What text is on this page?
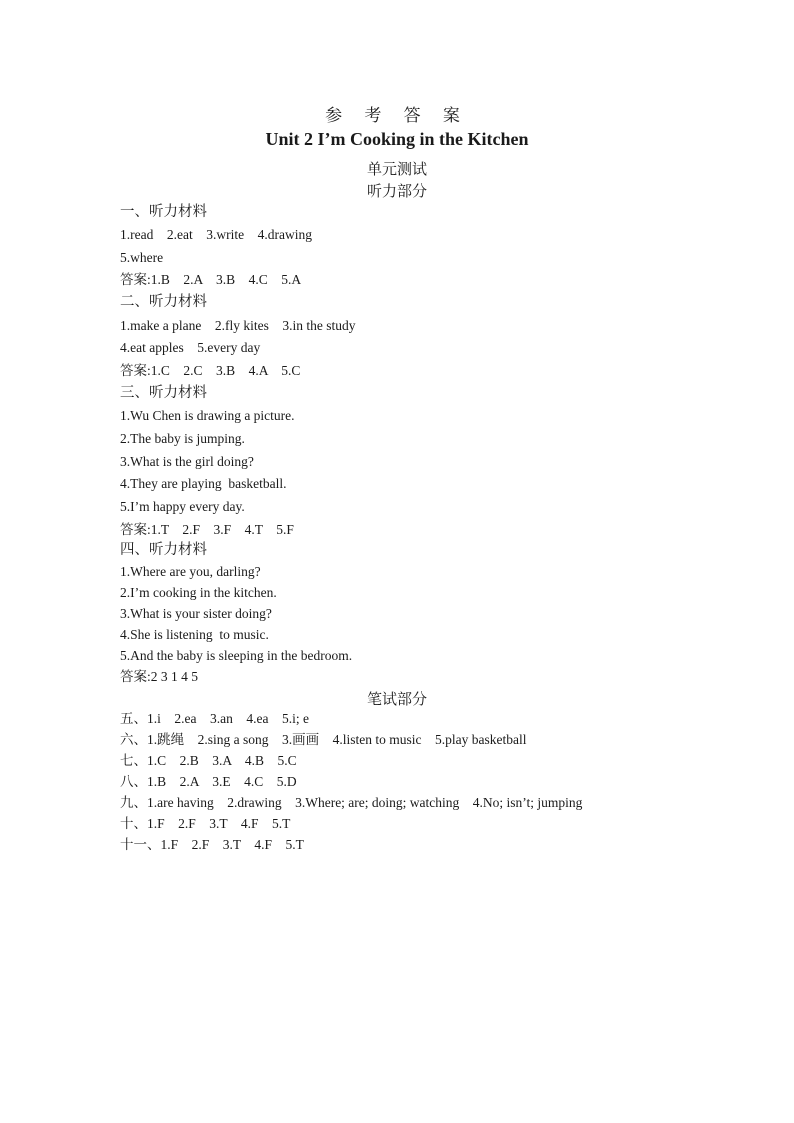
参 考 答 案
Unit 2 I’m Cooking in the Kitchen
单元测试
听力部分
一、听力材料
1.read    2.eat    3.write    4.drawing
5.where
答案:1.B    2.A    3.B    4.C    5.A
二、听力材料
1.make a plane    2.fly kites    3.in the study
4.eat apples    5.every day
答案:1.C    2.C    3.B    4.A    5.C
三、听力材料
1.Wu Chen is drawing a picture.
2.The baby is jumping.
3.What is the girl doing?
4.They are playing  basketball.
5.I’m happy every day.
答案:1.T    2.F    3.F    4.T    5.F
四、听力材料
1.Where are you, darling?
2.I’m cooking in the kitchen.
3.What is your sister doing?
4.She is listening  to music.
5.And the baby is sleeping in the bedroom.
答案:2 3 1 4 5
笔试部分
五、1.i    2.ea    3.an    4.ea    5.i; e
六、1.跳绳    2.sing a song    3.画画    4.listen to music    5.play basketball
七、1.C    2.B    3.A    4.B    5.C
八、1.B    2.A    3.E    4.C    5.D
九、1.are having    2.drawing    3.Where; are; doing; watching    4.No; isn’t; jumping
十、1.F    2.F    3.T    4.F    5.T
十一、1.F    2.F    3.T    4.F    5.T
